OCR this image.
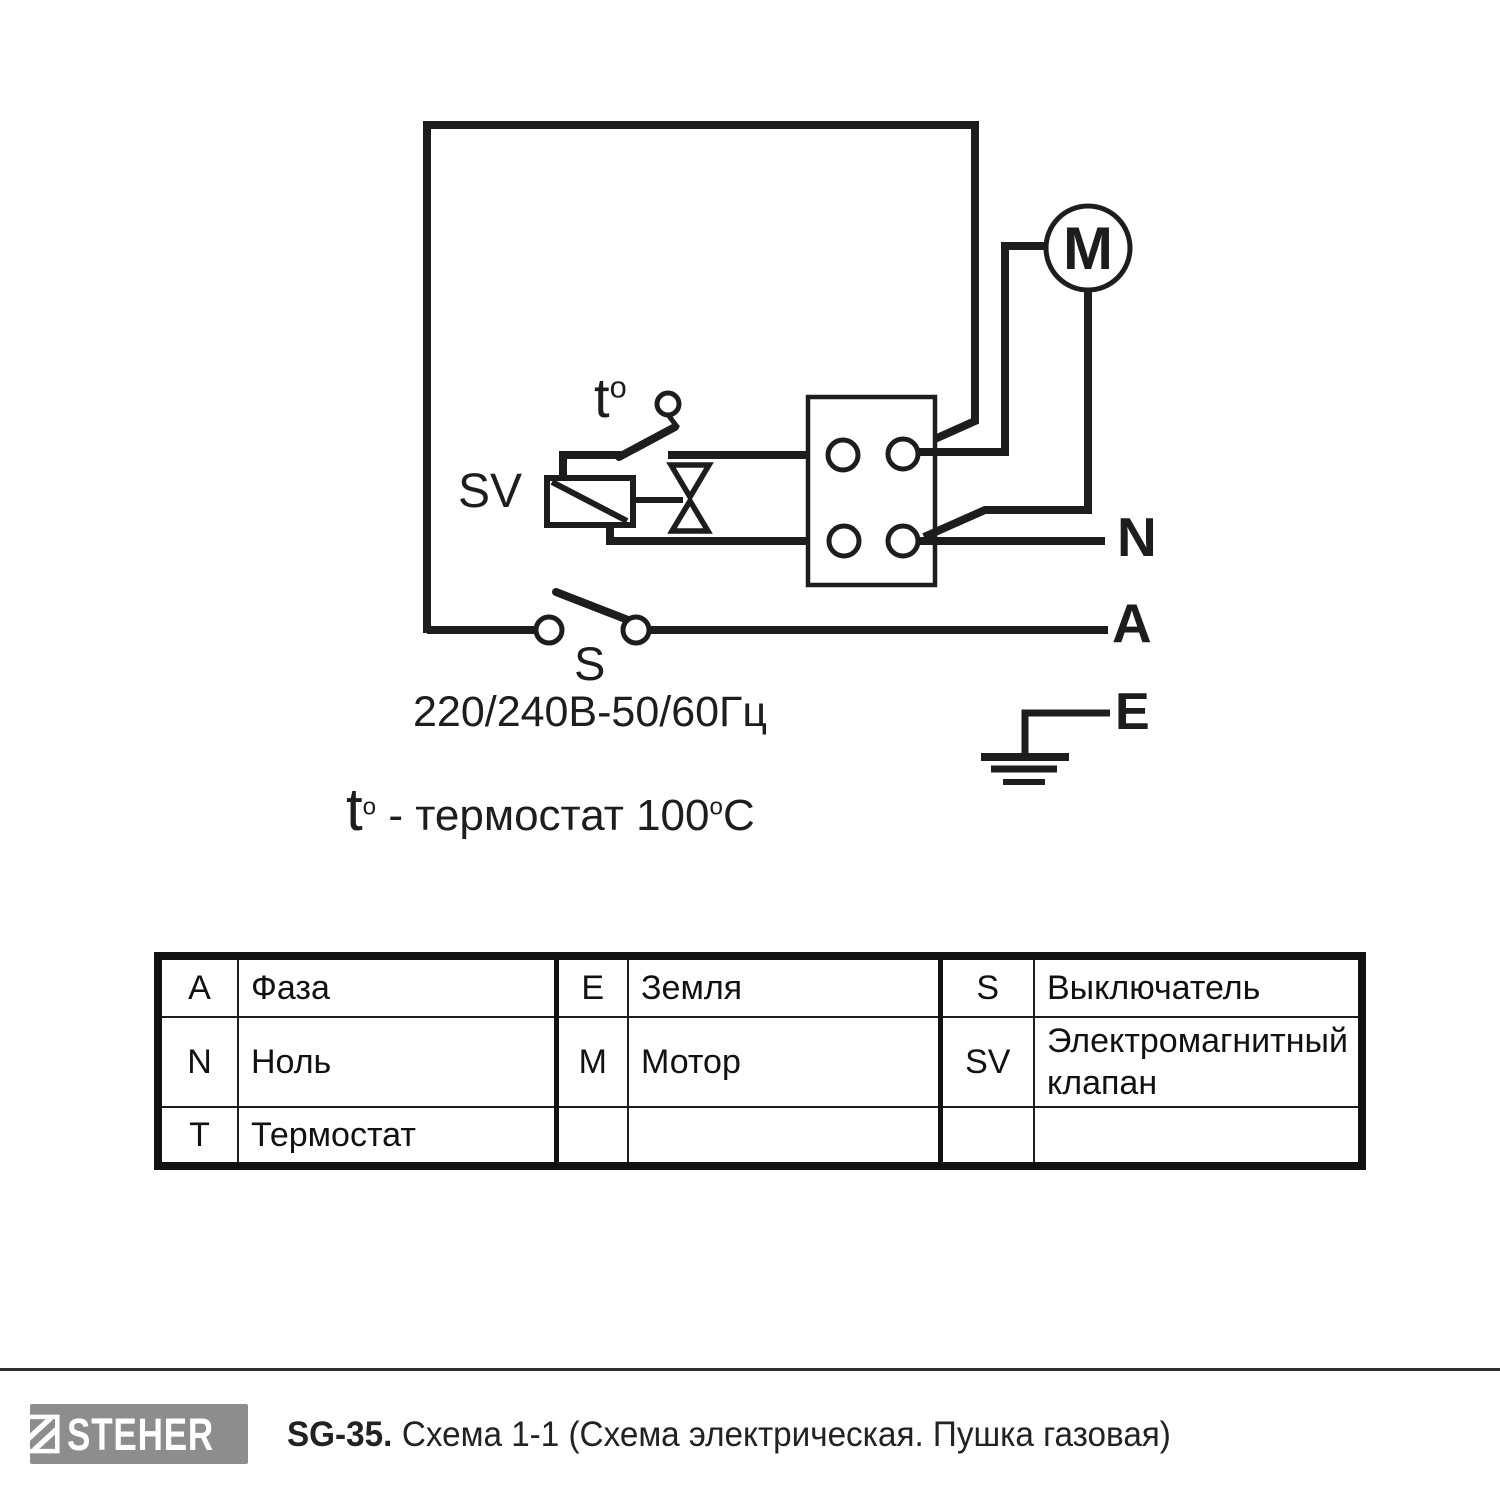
$t^o$
SV
S
220/240В-50/60Гц
N
A
E
M
$t^o$ - термостат 100$^o$C
A	Фаза	E	Земля	S	Выключатель
N	Ноль	M	Мотор	SV	Электромагнитный клапан
T	Термостат				
STEHER SG-35. Схема 1-1 (Схема электрическая. Пушка газовая)
